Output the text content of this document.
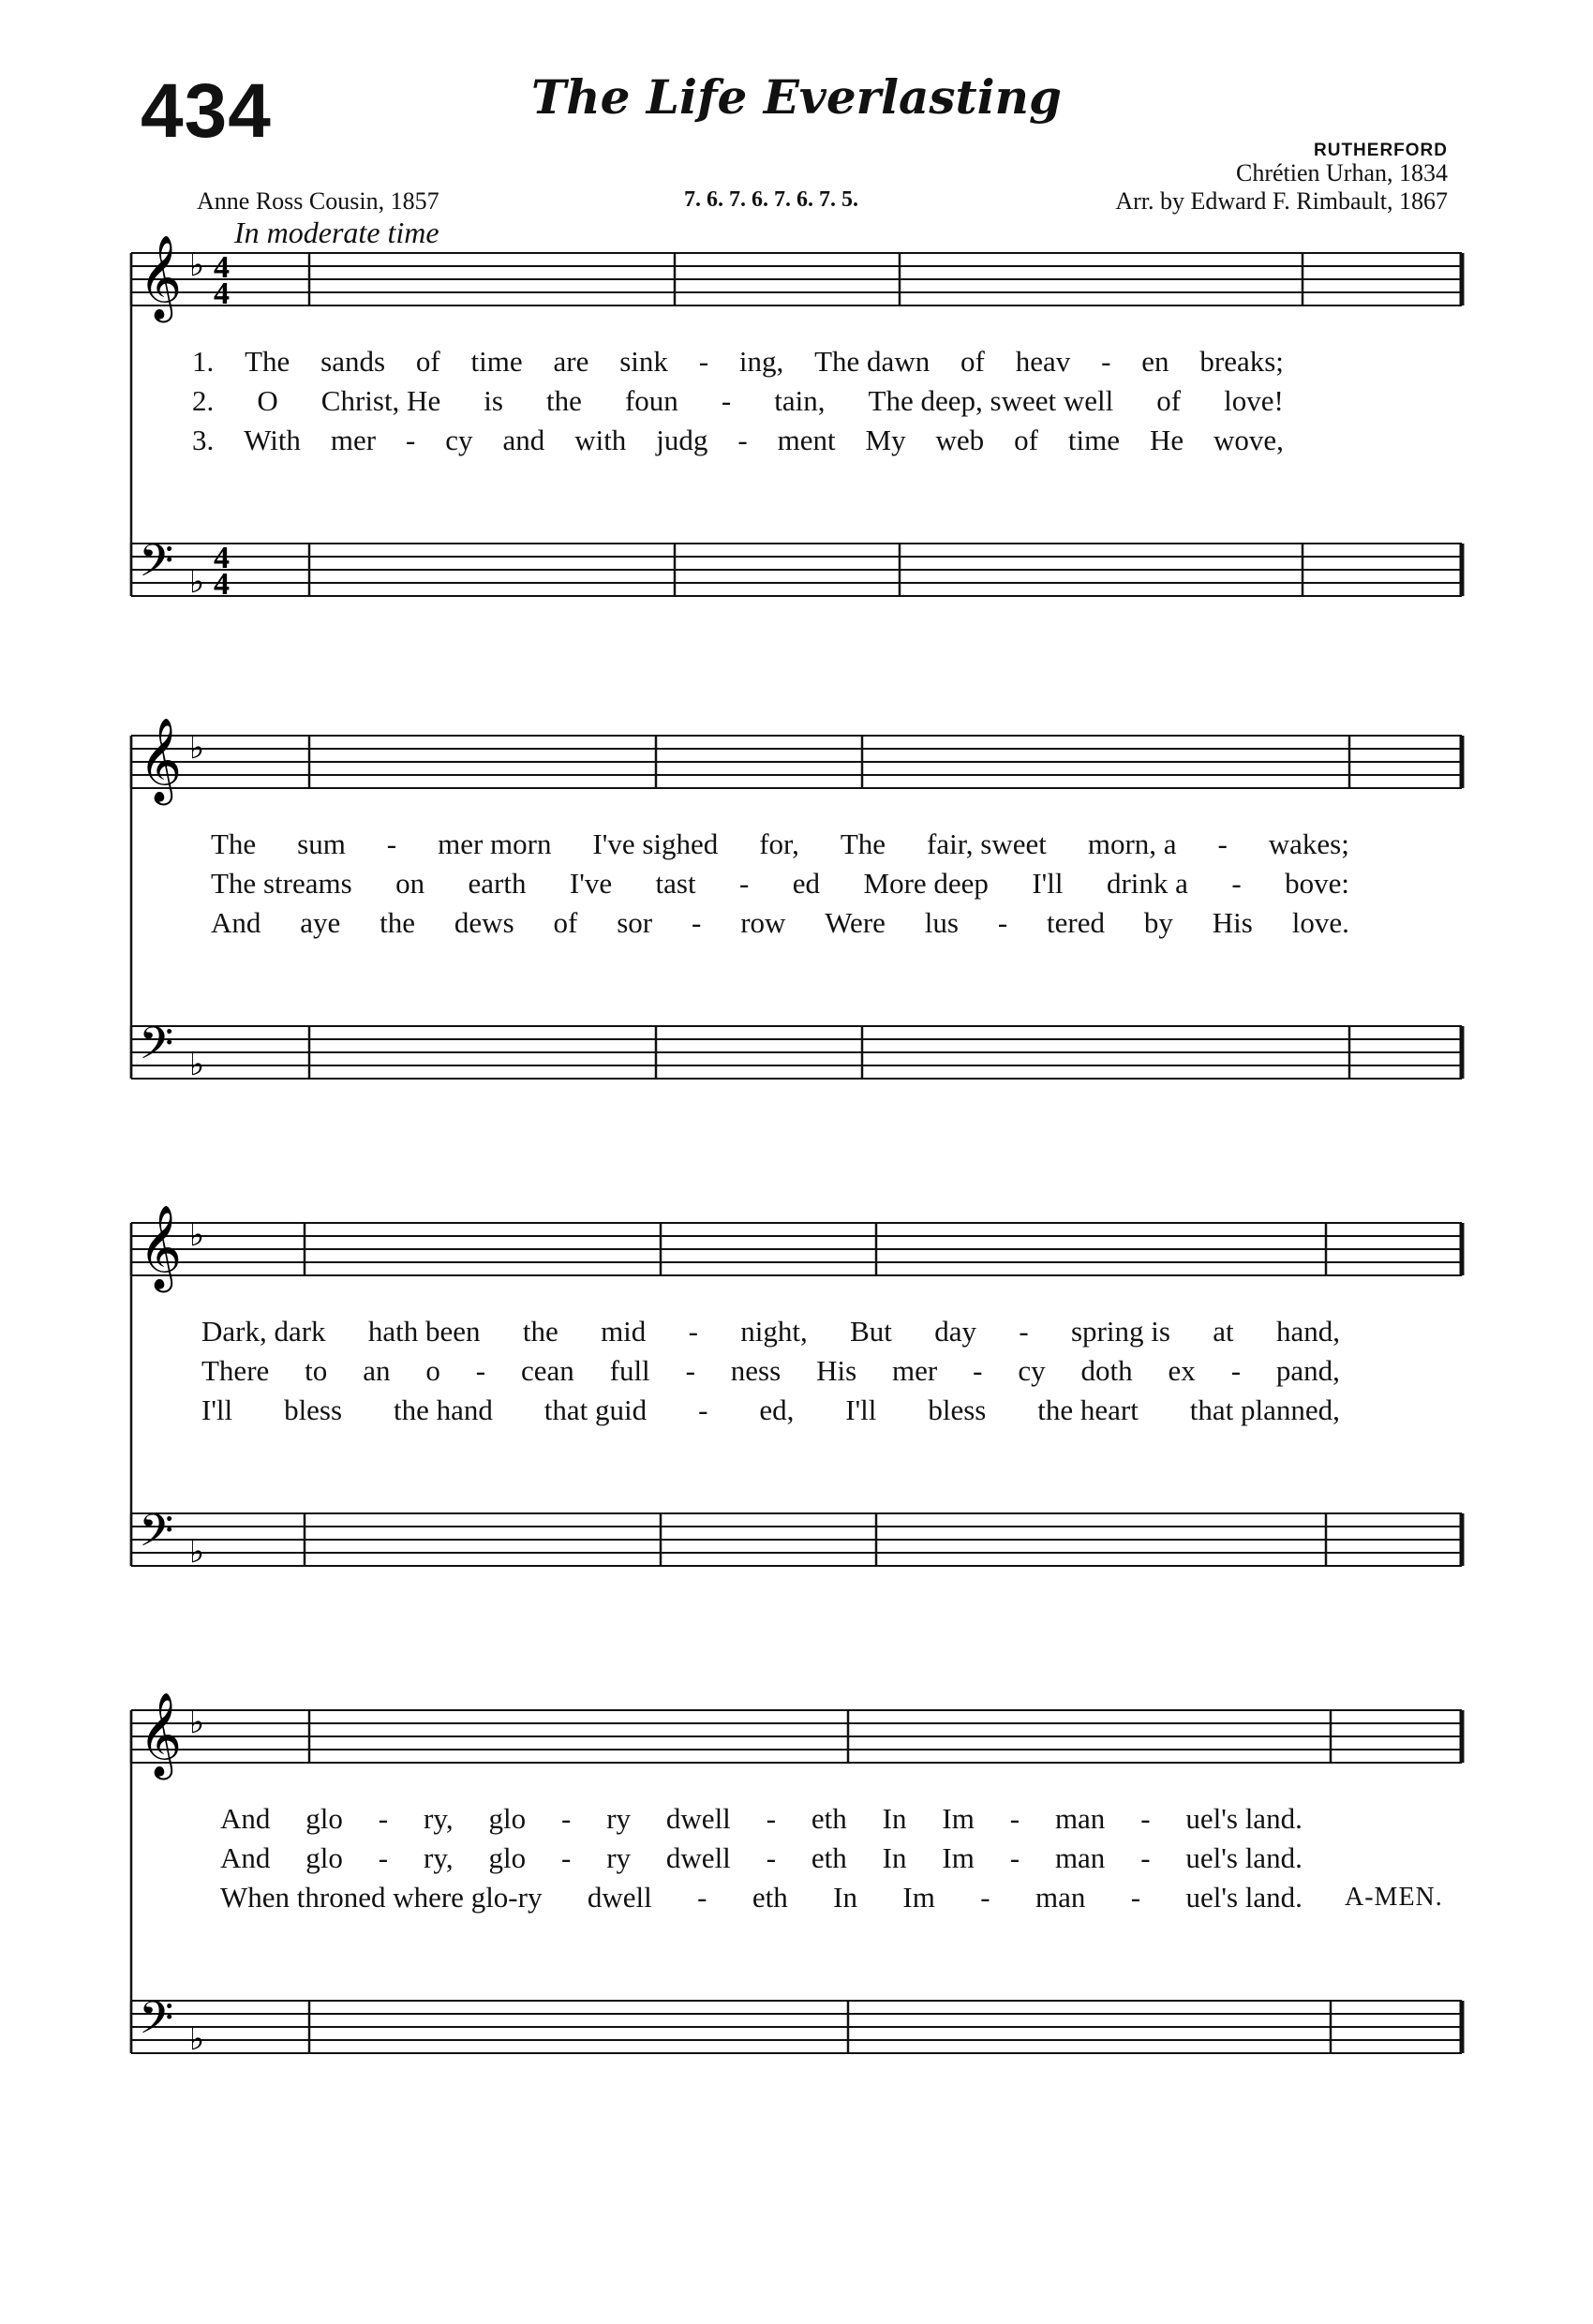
434	The Life Everlasting
RUTHERFORD
Chrétien Urhan, 1834
Anne Ross Cousin, 1857	7. 6. 7. 6. 7. 6. 7. 5.	Arr. by Edward F. Rimbault, 1867
In moderate time
𝄞 ♭ 4
4
𝄢 ♭
4
4
1. The sands of time are sink - ing, The dawn of heav - en breaks;
2. O Christ, He is the foun - tain, The deep, sweet well of love!
3. With mer - cy and with judg - ment My web of time He wove,
𝄞 ♭
𝄢 ♭
The sum - mer morn I've sighed for, The fair, sweet morn, a - wakes;
The streams on earth I've tast - ed More deep I'll drink a - bove:
And aye the dews of sor - row Were lus - tered by His love.
𝄞 ♭
𝄢 ♭
Dark, dark hath been the mid - night, But day - spring is at hand,
There to an o - cean full - ness His mer - cy doth ex - pand,
I'll bless the hand that guid - ed, I'll bless the heart that planned,
𝄞 ♭
𝄢 ♭
And glo - ry, glo - ry dwell - eth In Im - man - uel's land.
And glo - ry, glo - ry dwell - eth In Im - man - uel's land.
When throned where glo-ry dwell - eth In Im - man - uel's land. A-MEN.
